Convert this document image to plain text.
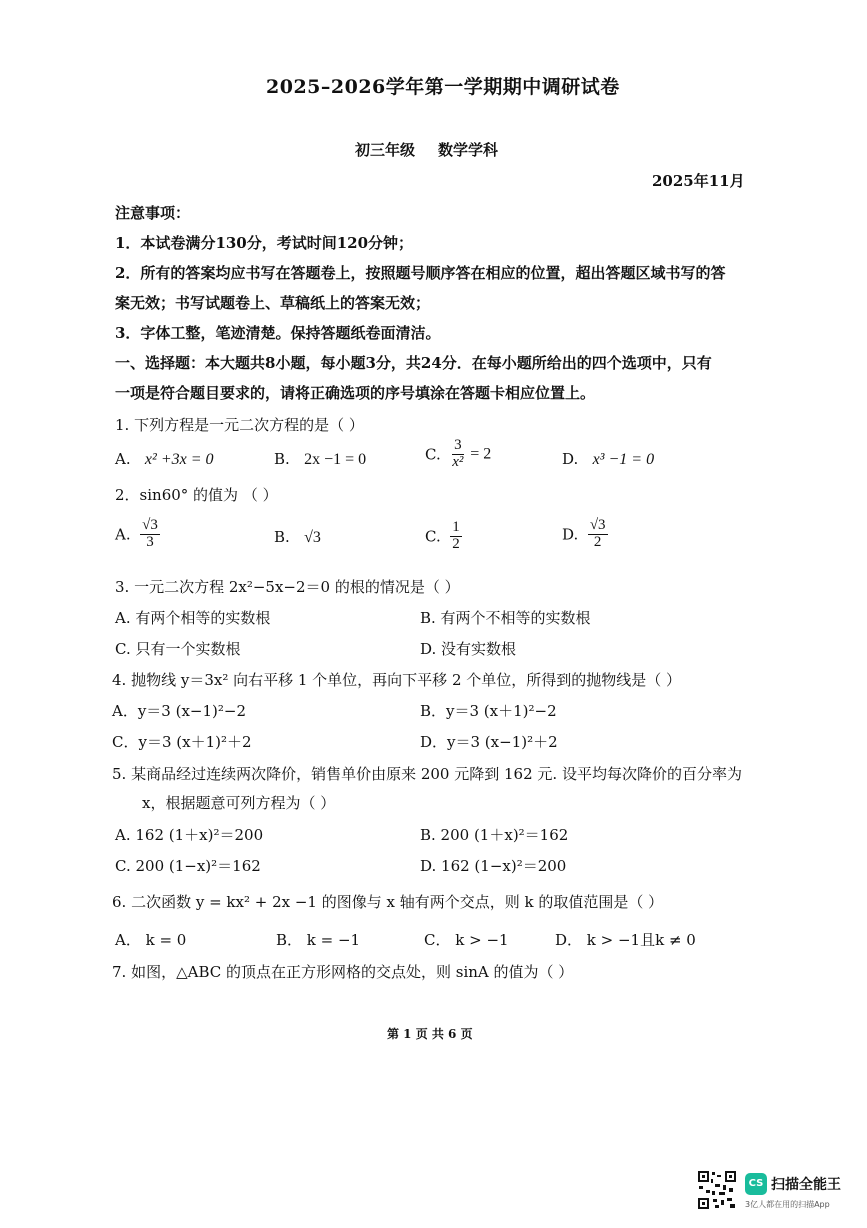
2025–2026学年第一学期期中调研试卷
初三年级 数学学科
2025年11月
注意事项：
1．本试卷满分130分，考试时间120分钟；
2．所有的答案均应书写在答题卷上，按照题号顺序答在相应的位置，超出答题区域书写的答
案无效；书写试题卷上、草稿纸上的答案无效；
3．字体工整，笔迹清楚。保持答题纸卷面清洁。
一、选择题：本大题共8小题，每小题3分，共24分．在每小题所给出的四个选项中，只有
一项是符合题目要求的，请将正确选项的序号填涂在答题卡相应位置上。
1. 下列方程是一元二次方程的是（ ）
A. x² +3x = 0	B. 2x −1 = 0	C. $\frac{3}{\text{x²}} = 2$	D. x³ −1 = 0
2．sin60° 的值为 （ ）
A. $\frac{√3}{3}$	B. √3	C. $\frac{1}{2}$	D. $\frac{√3}{2}$
3. 一元二次方程 2x²−5x−2＝0 的根的情况是（ ）
A. 有两个相等的实数根	B. 有两个不相等的实数根
C. 只有一个实数根	D. 没有实数根
4. 抛物线 y＝3x² 向右平移 1 个单位，再向下平移 2 个单位，所得到的抛物线是（ ）
A．y＝3 (x−1)²−2	B．y＝3 (x＋1)²−2
C．y＝3 (x＋1)²＋2	D．y＝3 (x−1)²＋2
5. 某商品经过连续两次降价，销售单价由原来 200 元降到 162 元. 设平均每次降价的百分率为
x，根据题意可列方程为（ ）
A. 162 (1＋x)²＝200	B. 200 (1＋x)²＝162
C. 200 (1−x)²＝162	D. 162 (1−x)²＝200
6. 二次函数 y = kx² + 2x −1 的图像与 x 轴有两个交点，则 k 的取值范围是（ ）
A． k = 0	B． k = −1	C． k > −1	D． k > −1且k ≠ 0
7. 如图，△ABC 的顶点在正方形网格的交点处，则 sinA 的值为（ ）
第 1 页 共 6 页
CS 扫描全能王
3亿人都在用的扫描App
